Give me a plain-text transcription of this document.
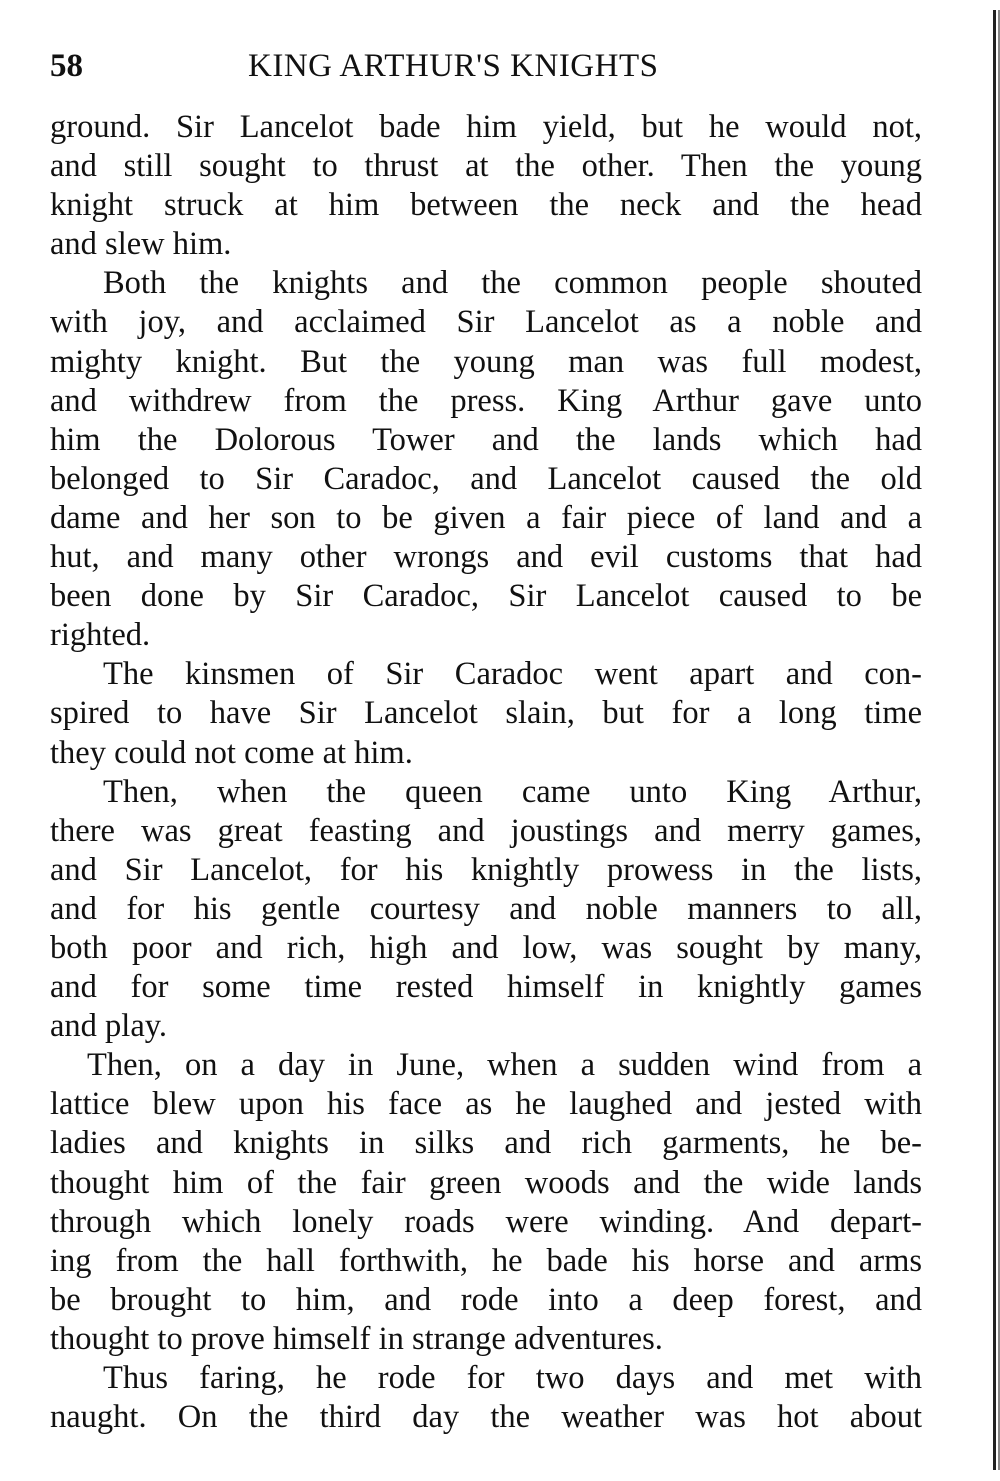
58	KING ARTHUR'S KNIGHTS
ground. Sir Lancelot bade him yield, but he would not,
and still sought to thrust at the other. Then the young
knight struck at him between the neck and the head
and slew him.
Both the knights and the common people shouted
with joy, and acclaimed Sir Lancelot as a noble and
mighty knight. But the young man was full modest,
and withdrew from the press. King Arthur gave unto
him the Dolorous Tower and the lands which had
belonged to Sir Caradoc, and Lancelot caused the old
dame and her son to be given a fair piece of land and a
hut, and many other wrongs and evil customs that had
been done by Sir Caradoc, Sir Lancelot caused to be
righted.
The kinsmen of Sir Caradoc went apart and con-
spired to have Sir Lancelot slain, but for a long time
they could not come at him.
Then, when the queen came unto King Arthur,
there was great feasting and joustings and merry games,
and Sir Lancelot, for his knightly prowess in the lists,
and for his gentle courtesy and noble manners to all,
both poor and rich, high and low, was sought by many,
and for some time rested himself in knightly games
and play.
Then, on a day in June, when a sudden wind from a
lattice blew upon his face as he laughed and jested with
ladies and knights in silks and rich garments, he be-
thought him of the fair green woods and the wide lands
through which lonely roads were winding. And depart-
ing from the hall forthwith, he bade his horse and arms
be brought to him, and rode into a deep forest, and
thought to prove himself in strange adventures.
Thus faring, he rode for two days and met with
naught. On the third day the weather was hot about
